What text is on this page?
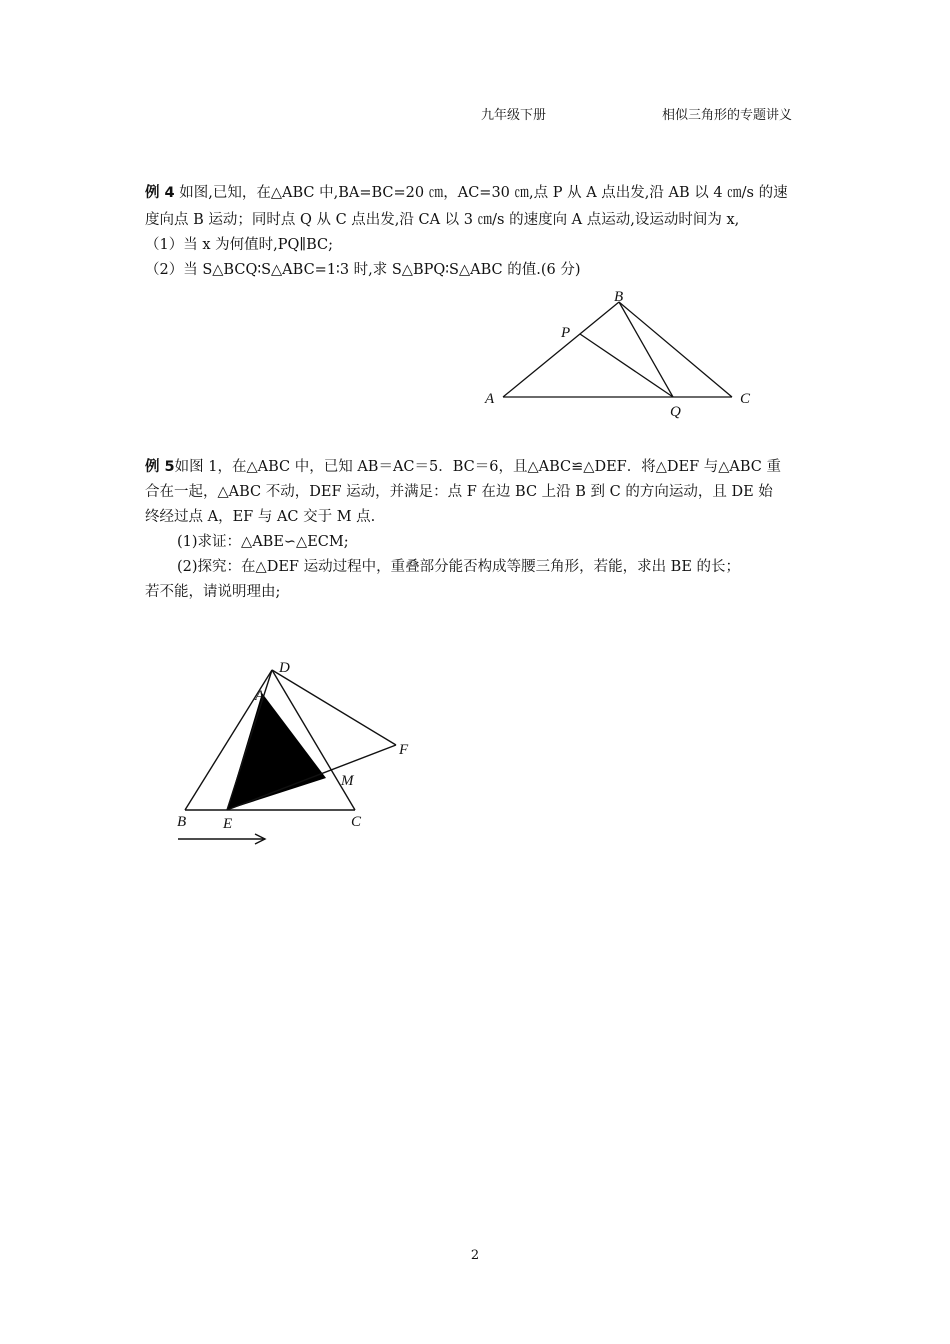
九年级下册	相似三角形的专题讲义
例 4 如图,已知，在△ABC 中,BA=BC=20 ㎝，AC=30 ㎝,点 P 从 A 点出发,沿 AB 以 4 ㎝/s 的速
度向点 B 运动；同时点 Q 从 C 点出发,沿 CA 以 3 ㎝/s 的速度向 A 点运动,设运动时间为 x,
（1）当 x 为何值时,PQ∥BC;
（2）当 S△BCQ∶S△ABC=1∶3 时,求 S△BPQ∶S△ABC 的值.(6 分)
B
P
A
Q
C
例 5如图 1，在△ABC 中，已知 AB＝AC＝5．BC＝6，且△ABC≌△DEF．将△DEF 与△ABC 重
合在一起，△ABC 不动，DEF 运动，并满足：点 F 在边 BC 上沿 B 到 C 的方向运动，且 DE 始
终经过点 A，EF 与 AC 交于 M 点.
(1)求证：△ABE∽△ECM;
(2)探究：在△DEF 运动过程中，重叠部分能否构成等腰三角形，若能，求出 BE 的长；
若不能，请说明理由;
D
A
F
M
B E	C
2
